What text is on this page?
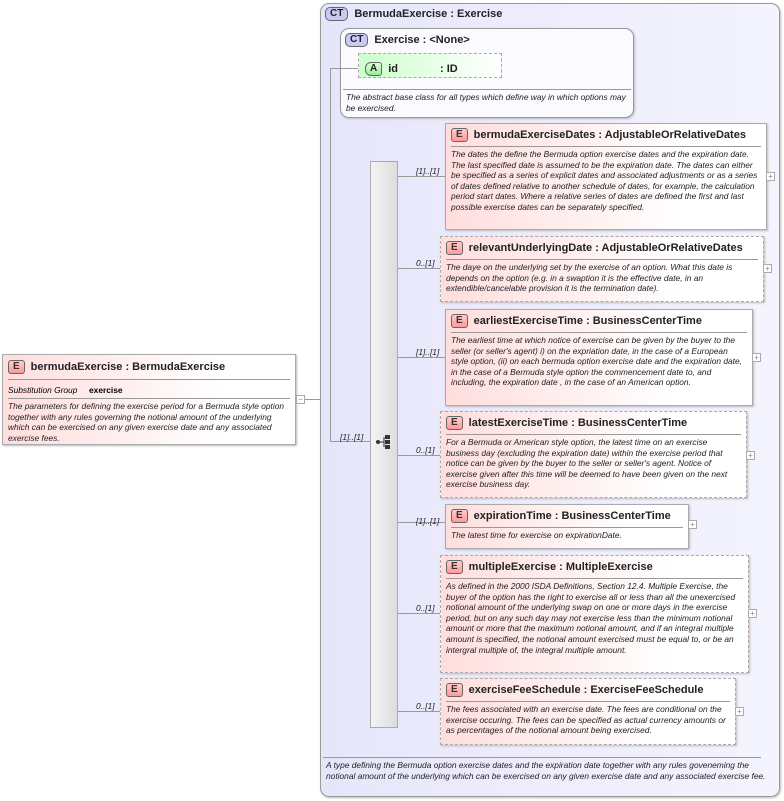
E bermudaExercise : BermudaExercise
Substitution Group exercise
The parameters for defining the exercise period for a Bermuda style option together with any rules governing the notional amount of the underlying which can be exercised on any given exercise date and any associated exercise fees.
−
CT BermudaExercise : Exercise
CT Exercise : <None>
A id	: ID
The abstract base class for all types which define way in which options may be exercised.
[1]..[1]
[1]..[1]
E bermudaExerciseDates : AdjustableOrRelativeDates
The dates the define the Bermuda option exercise dates and the expiration date. The last specified date is assumed to be the expiration date. The dates can either be specified as a series of explicit dates and associated adjustments or as a series of dates defined relative to another schedule of dates, for example, the calculation period start dates. Where a relative series of dates are defined the first and last possible exercise dates can be separately specified.
+
0..[1]
E relevantUnderlyingDate : AdjustableOrRelativeDates
The daye on the underlying set by the exercise of an option. What this date is depends on the option (e.g. in a swaption it is the effective date, in an extendible/cancelable provision it is the termination date).
+
[1]..[1]
E earliestExerciseTime : BusinessCenterTime
The earliest time at which notice of exercise can be given by the buyer to the seller (or seller's agent) i) on the expriation date, in the case of a European style option, (ii) on each bermuda option exercise date and the expiration date, in the case of a Bermuda style option the commencement date to, and including, the expiration date , in the case of an American option.
+
0..[1]
E latestExerciseTime : BusinessCenterTime
For a Bermuda or American style option, the latest time on an exercise business day (excluding the expiration date) within the exercise period that notice can be given by the buyer to the seller or seller's agent. Notice of exercise given after this time will be deemed to have been given on the next exercise business day.
+
[1]..[1]	E expirationTime : BusinessCenterTime
The latest time for exercise on expirationDate.
+
0..[1]
E multipleExercise : MultipleExercise
As defined in the 2000 ISDA Definitions, Section 12.4. Multiple Exercise, the buyer of the option has the right to exercise all or less than all the unexercised notional amount of the underlying swap on one or more days in the exercise period, but on any such day may not exercise less than the minimum notional amount or more that the maximum notional amount, and if an integral multiple amount is specified, the notional amount exercised must be equal to, or be an intergral multiple of, the integral multiple amount.
+
0..[1]
E exerciseFeeSchedule : ExerciseFeeSchedule
The fees associated with an exercise date. The fees are conditional on the exercise occuring. The fees can be specified as actual currency amounts or as percentages of the notional amount being exercised.
+
A type defining the Bermuda option exercise dates and the expiration date together with any rules goveneming the notional amount of the underlying which can be exercised on any given exercise date and any associated exercise fee.
